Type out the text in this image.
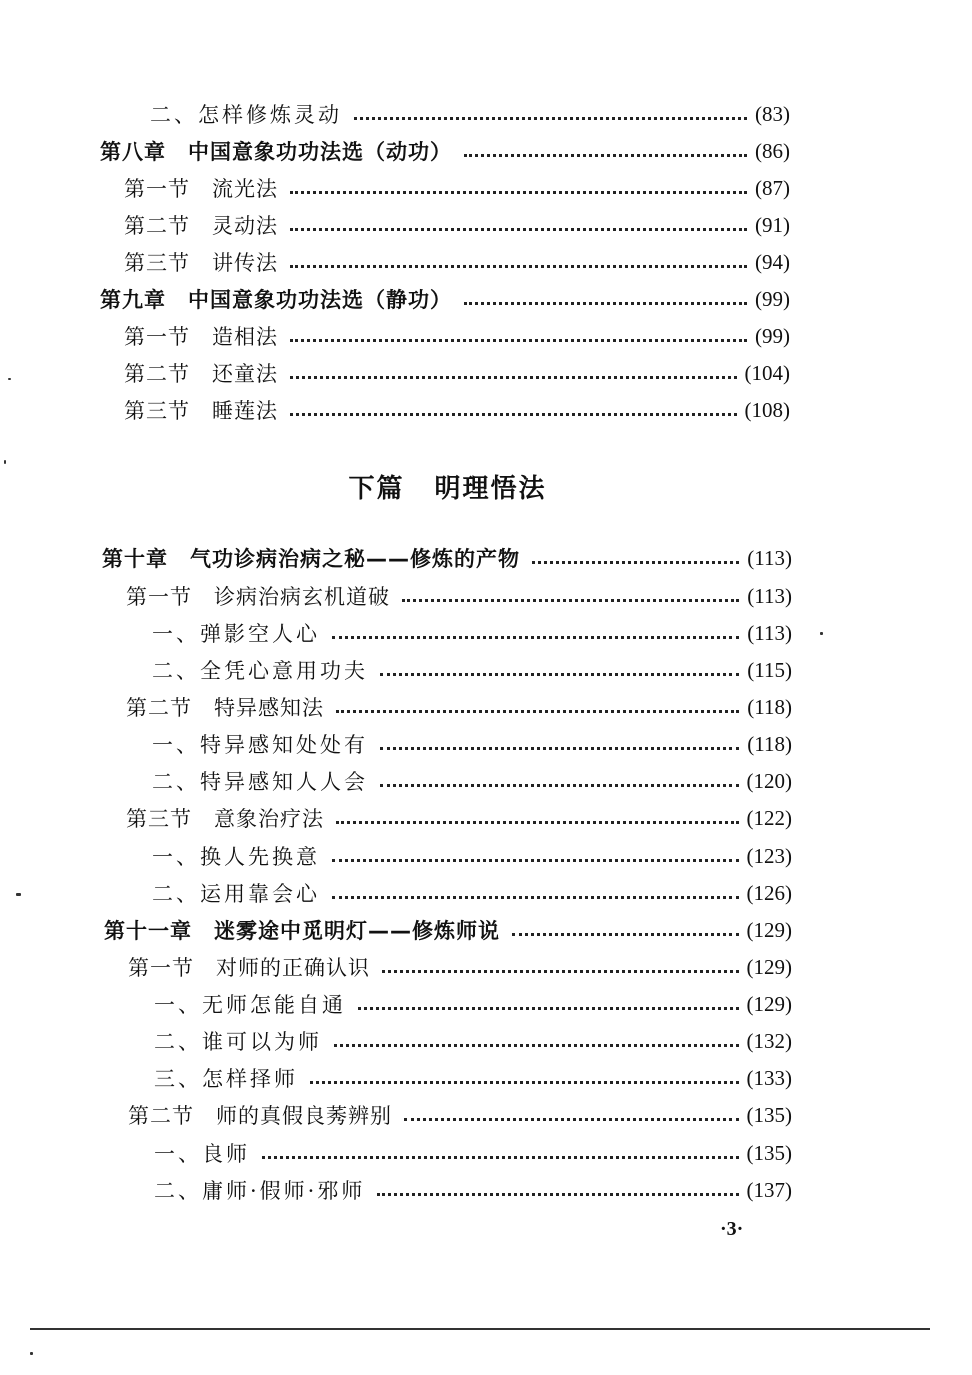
二、怎样修炼灵动	(83)
第八章　中国意象功功法选（动功）	(86)
第一节　流光法	(87)
第二节　灵动法	(91)
第三节　讲传法	(94)
第九章　中国意象功功法选（静功）	(99)
第一节　造相法	(99)
第二节　还童法	(104)
第三节　睡莲法	(108)
下篇 明理悟法
第十章　气功诊病治病之秘——修炼的产物	(113)
第一节　诊病治病玄机道破	(113)
一、弹影空人心	(113)
二、全凭心意用功夫	(115)
第二节　特异感知法	(118)
一、特异感知处处有	(118)
二、特异感知人人会	(120)
第三节　意象治疗法	(122)
一、换人先换意	(123)
二、运用靠会心	(126)
第十一章　迷雾途中觅明灯——修炼师说	(129)
第一节　对师的正确认识	(129)
一、无师怎能自通	(129)
二、谁可以为师	(132)
三、怎样择师	(133)
第二节　师的真假良莠辨别	(135)
一、良师	(135)
二、庸师·假师·邪师	(137)
·3·
